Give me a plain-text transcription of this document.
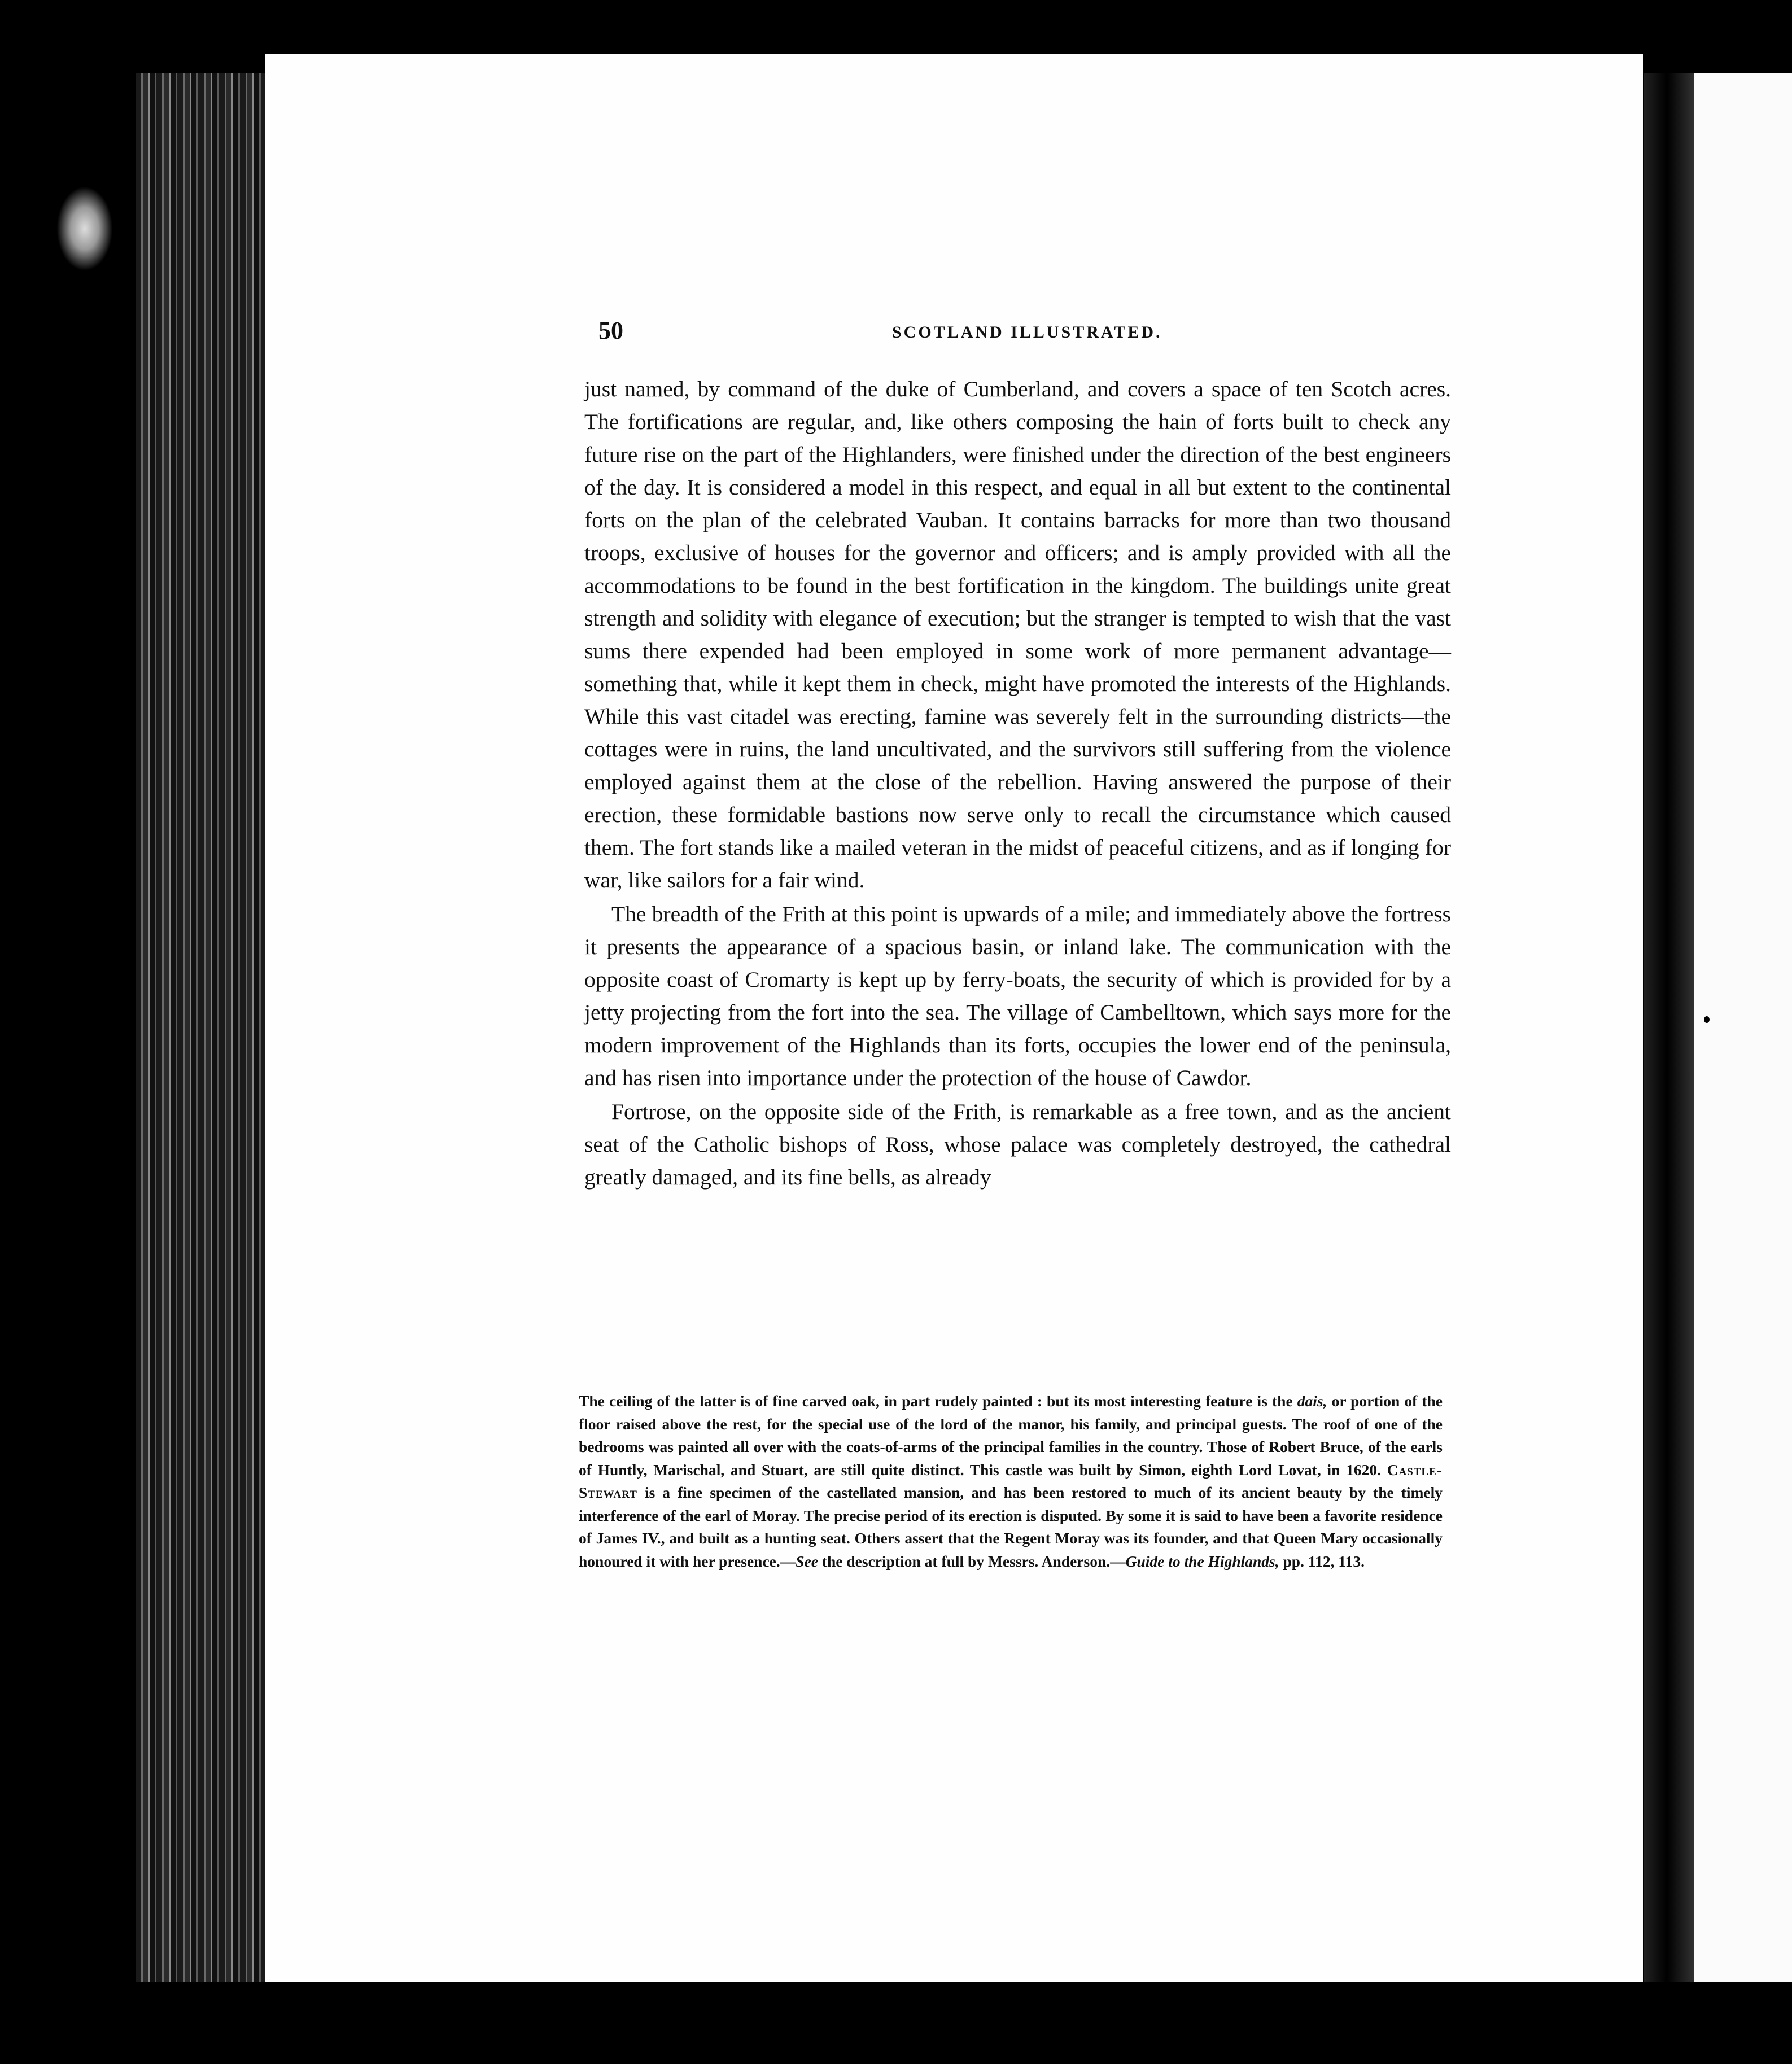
50	SCOTLAND ILLUSTRATED.

just named, by command of the duke of Cumberland, and covers a space of ten Scotch acres. The fortifications are regular, and, like others composing the hain of forts built to check any future rise on the part of the Highlanders, were finished under the direction of the best engineers of the day. It is considered a model in this respect, and equal in all but extent to the continental forts on the plan of the celebrated Vauban. It contains barracks for more than two thousand troops, exclusive of houses for the governor and officers; and is amply provided with all the accommodations to be found in the best fortification in the kingdom. The buildings unite great strength and solidity with elegance of execution; but the stranger is tempted to wish that the vast sums there expended had been employed in some work of more permanent advantage—something that, while it kept them in check, might have promoted the interests of the Highlands. While this vast citadel was erecting, famine was severely felt in the surrounding districts—the cottages were in ruins, the land uncultivated, and the survivors still suffering from the violence employed against them at the close of the rebellion. Having answered the purpose of their erection, these formidable bastions now serve only to recall the circumstance which caused them. The fort stands like a mailed veteran in the midst of peaceful citizens, and as if longing for war, like sailors for a fair wind.

The breadth of the Frith at this point is upwards of a mile; and immediately above the fortress it presents the appearance of a spacious basin, or inland lake. The communication with the opposite coast of Cromarty is kept up by ferry-boats, the security of which is provided for by a jetty projecting from the fort into the sea. The village of Cambelltown, which says more for the modern improvement of the Highlands than its forts, occupies the lower end of the peninsula, and has risen into importance under the protection of the house of Cawdor.

Fortrose, on the opposite side of the Frith, is remarkable as a free town, and as the ancient seat of the Catholic bishops of Ross, whose palace was completely destroyed, the cathedral greatly damaged, and its fine bells, as already

The ceiling of the latter is of fine carved oak, in part rudely painted : but its most interesting feature is the dais, or portion of the floor raised above the rest, for the special use of the lord of the manor, his family, and principal guests. The roof of one of the bedrooms was painted all over with the coats-of-arms of the principal families in the country. Those of Robert Bruce, of the earls of Huntly, Marischal, and Stuart, are still quite distinct. This castle was built by Simon, eighth Lord Lovat, in 1620. Castle-Stewart is a fine specimen of the castellated mansion, and has been restored to much of its ancient beauty by the timely interference of the earl of Moray. The precise period of its erection is disputed. By some it is said to have been a favorite residence of James IV., and built as a hunting seat. Others assert that the Regent Moray was its founder, and that Queen Mary occasionally honoured it with her presence.—See the description at full by Messrs. Anderson.—Guide to the Highlands, pp. 112, 113.
